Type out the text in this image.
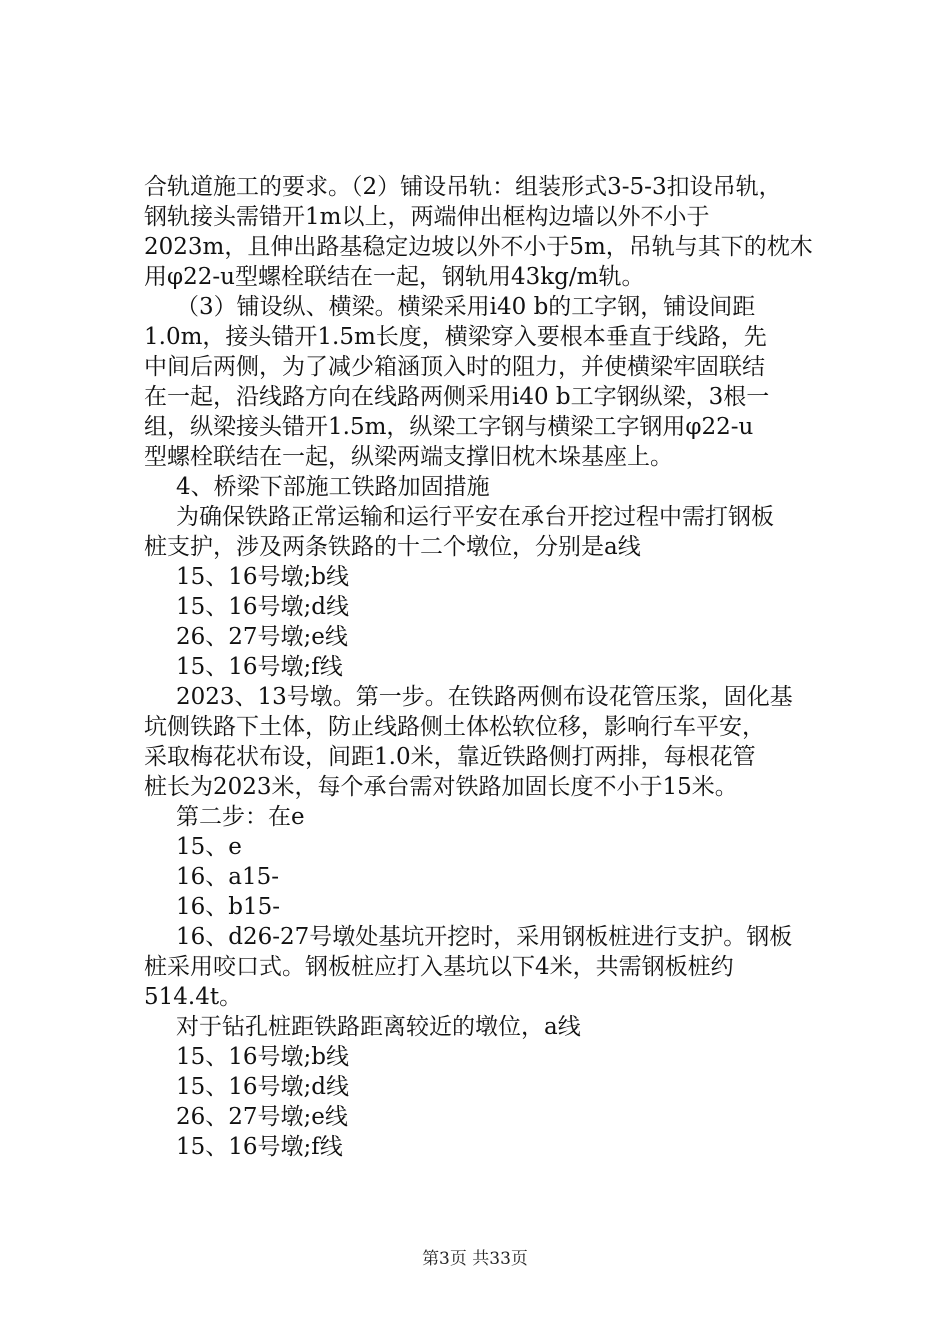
合轨道施工的要求。（2）铺设吊轨：组装形式3-5-3扣设吊轨，

钢轨接头需错开1m以上，两端伸出框构边墙以外不小于

2023m，且伸出路基稳定边坡以外不小于5m，吊轨与其下的枕木

用φ22-u型螺栓联结在一起，钢轨用43kg/m轨。

（3）铺设纵、横梁。横梁采用i40 b的工字钢，铺设间距

1.0m，接头错开1.5m长度，横梁穿入要根本垂直于线路，先

中间后两侧，为了减少箱涵顶入时的阻力，并使横梁牢固联结

在一起，沿线路方向在线路两侧采用i40 b工字钢纵梁，3根一

组，纵梁接头错开1.5m，纵梁工字钢与横梁工字钢用φ22-u

型螺栓联结在一起，纵梁两端支撑旧枕木垛基座上。

4、桥梁下部施工铁路加固措施

为确保铁路正常运输和运行平安在承台开挖过程中需打钢板

桩支护，涉及两条铁路的十二个墩位，分别是a线

15、16号墩;b线

15、16号墩;d线

26、27号墩;e线

15、16号墩;f线

2023、13号墩。第一步。在铁路两侧布设花管压浆，固化基

坑侧铁路下土体，防止线路侧土体松软位移，影响行车平安，

采取梅花状布设，间距1.0米，靠近铁路侧打两排，每根花管

桩长为2023米，每个承台需对铁路加固长度不小于15米。

第二步：在e

15、e

16、a15-

16、b15-

16、d26-27号墩处基坑开挖时，采用钢板桩进行支护。钢板

桩采用咬口式。钢板桩应打入基坑以下4米，共需钢板桩约

514.4t。

对于钻孔桩距铁路距离较近的墩位，a线

15、16号墩;b线

15、16号墩;d线

26、27号墩;e线

15、16号墩;f线

第3页 共33页
